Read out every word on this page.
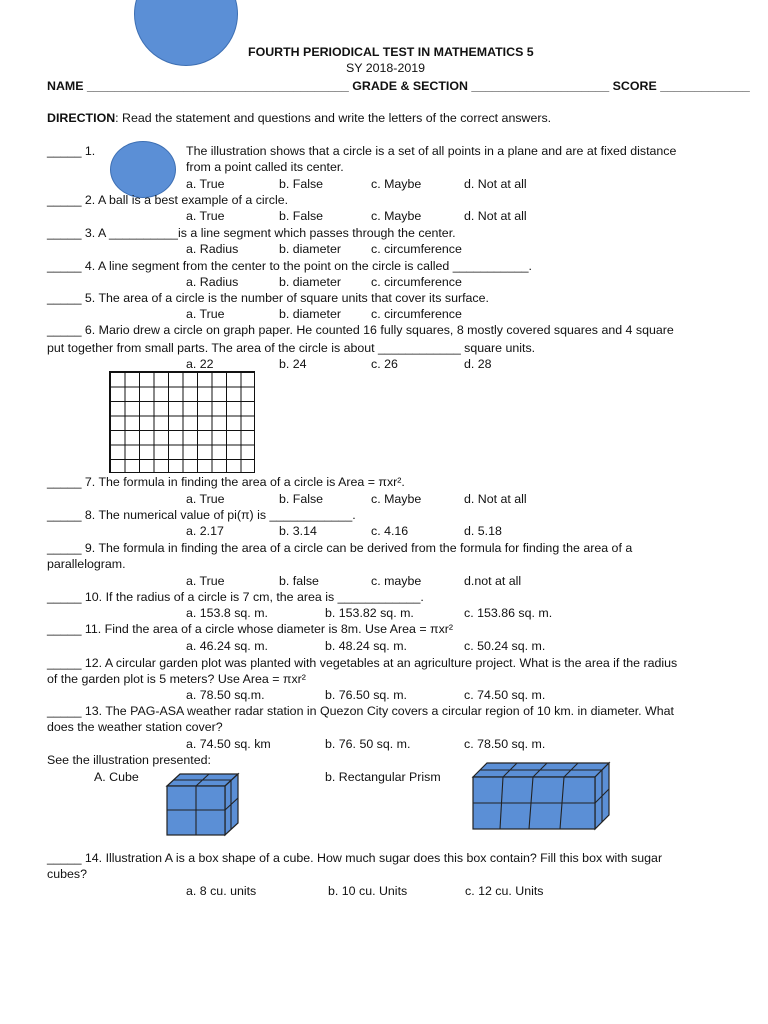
FOURTH PERIODICAL TEST IN MATHEMATICS 5
SY 2018-2019
NAME ______________________________________ GRADE & SECTION ____________________ SCORE _____________
DIRECTION: Read the statement and questions and write the letters of the correct answers.
_____ 1.	The illustration shows that a circle is a set of all points in a plane and are at fixed distance
from a point called its center.
a. True	b. False	c. Maybe	d. Not at all
_____ 2. A ball is a best example of a circle.
a. True	b. False	c. Maybe	d. Not at all
_____ 3. A __________ is a line segment which passes through the center.
a. Radius	b. diameter c. circumference
_____ 4. A line segment from the center to the point on the circle is called ___________.
a. Radius	b. diameter c. circumference
_____ 5. The area of a circle is the number of square units that cover its surface.
a. True	b. diameter c. circumference
_____ 6. Mario drew a circle on graph paper. He counted 16 fully squares, 8 mostly covered squares and 4 square
put together from small parts. The area of the circle is about ____________ square units.
a. 22	b. 24	c. 26	d. 28
_____ 7. The formula in finding the area of a circle is Area = πxr².
a. True	b. False	c. Maybe	d. Not at all
_____ 8. The numerical value of pi(π) is ____________.
a. 2.17	b. 3.14	c. 4.16	d. 5.18
_____ 9. The formula in finding the area of a circle can be derived from the formula for finding the area of a
parallelogram.
a. True	b. false	c. maybe	d.not at all
_____ 10. If the radius of a circle is 7 cm, the area is ____________.
a. 153.8 sq. m.	b. 153.82 sq. m.	c. 153.86 sq. m.
_____ 11. Find the area of a circle whose diameter is 8m. Use Area = πxr²
a. 46.24 sq. m.	b. 48.24 sq. m.	c. 50.24 sq. m.
_____ 12. A circular garden plot was planted with vegetables at an agriculture project. What is the area if the radius
of the garden plot is 5 meters? Use Area = πxr²
a. 78.50 sq.m.	b. 76.50 sq. m.	c. 74.50 sq. m.
_____ 13. The PAG-ASA weather radar station in Quezon City covers a circular region of 10 km. in diameter. What
does the weather station cover?
a. 74.50 sq. km	b. 76. 50 sq. m.	c. 78.50 sq. m.
See the illustration presented:
A. Cube	b. Rectangular Prism
_____ 14. Illustration A is a box shape of a cube. How much sugar does this box contain? Fill this box with sugar
cubes?
a. 8 cu. units	b. 10 cu. Units	c. 12 cu. Units
